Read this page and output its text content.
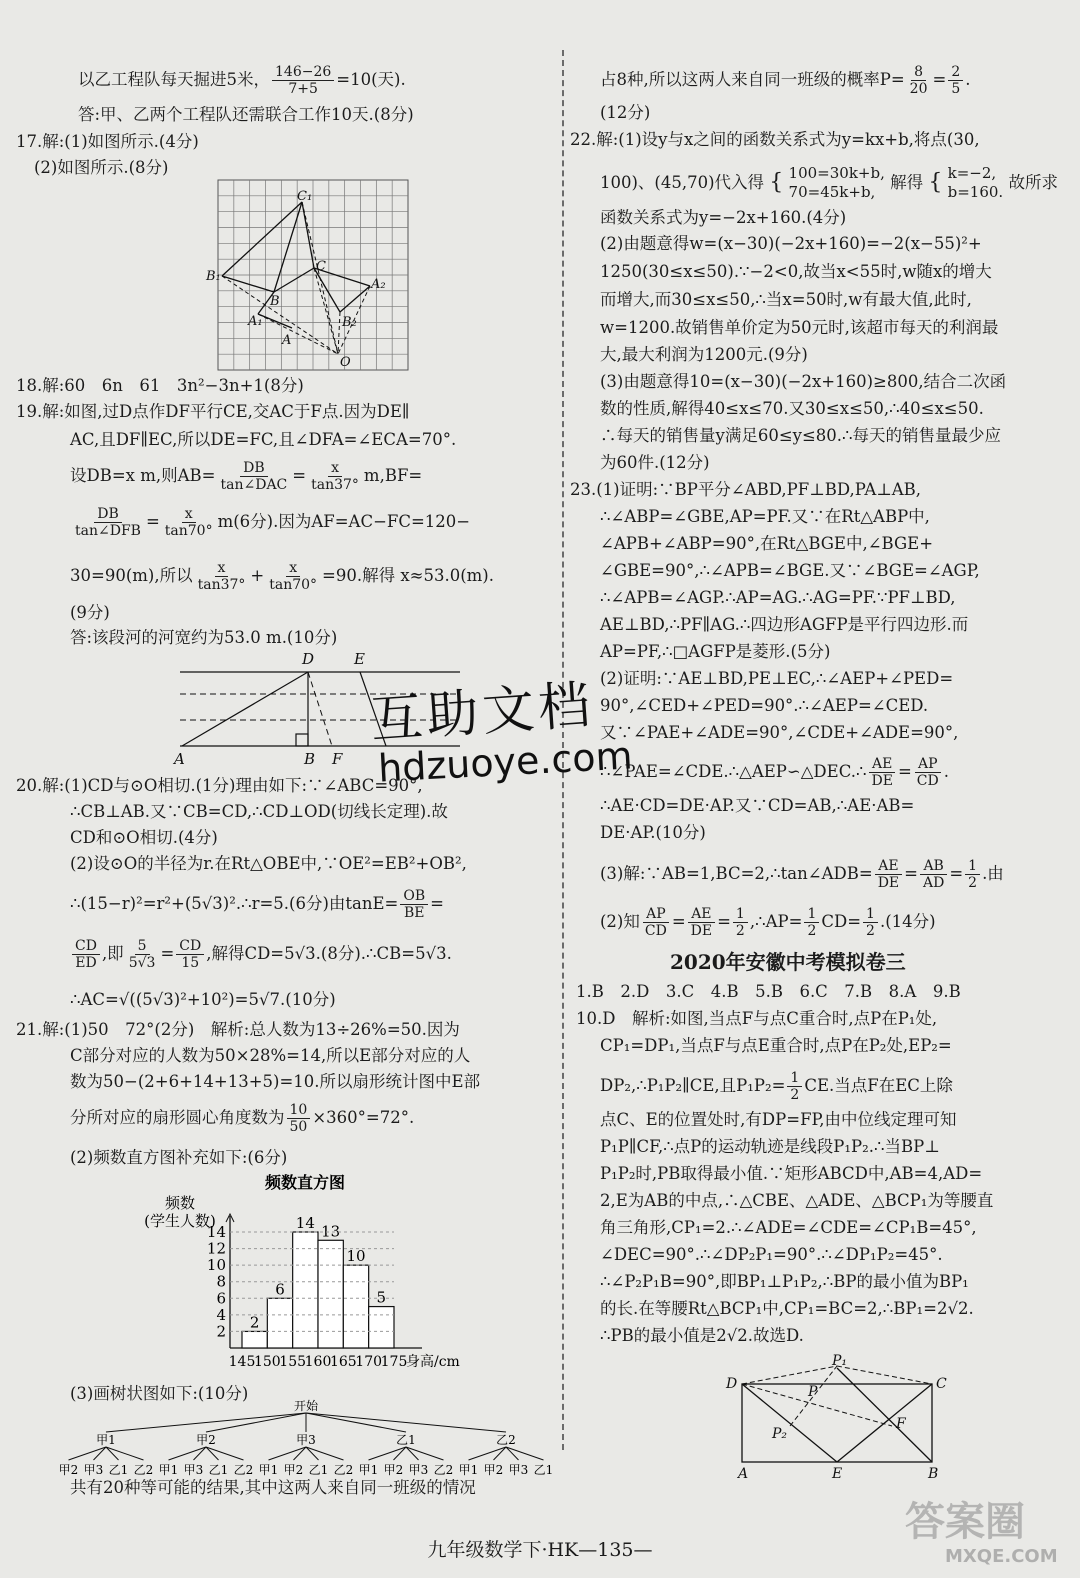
以乙工程队每天掘进5米， $\frac{146-26}{7+5} =10$(天).
答:甲、乙两个工程队还需联合工作10天.(8分)
17.解:(1)如图所示.(4分)
(2)如图所示.(8分)
C₁
B₁
C
A₂
B
A₁	B₂
A
O
18.解:60　6n　61　3n²−3n+1(8分)
19.解:如图,过D点作DF平行CE,交AC于F点.因为DE∥
AC,且DF∥EC,所以DE=FC,且∠DFA=∠ECA=70°.
设DB=x m,则$AB= \frac{DB}{\text{tan∠DAC}} = \frac{x}{\tan 37^\circ} m,BF=$
$\frac{DB}{\text{tan∠DFB}} = \frac{x}{\tan 70^\circ} m(6$分).因为AF=AC−FC=120−
30=90(m),所以 $\frac{x}{\tan 37^\circ} + \frac{x}{\tan 70^\circ} =90$.解得 x≈53.0(m).
(9分)
答:该段河的河宽约为53.0 m.(10分)
D	E
A	B F
20.解:(1)CD与⊙O相切.(1分)理由如下:∵∠ABC=90°,
∴CB⊥AB.又∵CB=CD,∴CD⊥OD(切线长定理).故
CD和⊙O相切.(4分)
(2)设⊙O的半径为r.在Rt△OBE中,∵OE²=EB²+OB²,
∴(15−r)²=r²+(5√3)².∴r=5.(6分)由$\tan E= \frac{OB}{BE}$ =
$\frac{CD}{ED}$ ,即 $\frac{5}{5√3} = \frac{CD}{15}$ ,解得CD=5√3.(8分).∴CB=5√3.
∴AC=√((5√3)²+10²)=5√7.(10分)
21.解:(1)50　72°(2分)　解析:总人数为13÷26%=50.因为
C部分对应的人数为50×28%=14,所以E部分对应的人
数为50−(2+6+14+13+5)=10.所以扇形统计图中E部
分所对应的扇形圆心角度数为 $\frac{10}{50} \times 360^\circ=72^\circ$.
(2)频数直方图补充如下:(6分)
频数直方图
频数
(学生人数)
2
6
14 13
10
5
2
4
6
8
10
12
14
145
150
155
160
165
170
175
身高/cm
(3)画树状图如下:(10分)
开始
甲1
甲2 甲3 乙1 乙2
甲2
甲1 甲3 乙1 乙2
甲3
甲1 甲2 乙1 乙2
乙1
甲1 甲2 甲3 乙2
乙2
甲1 甲2 甲3 乙1
共有20种等可能的结果,其中这两人来自同一班级的情况
占8种,所以这两人来自同一班级的概率$P= \frac{8}{20} = \frac{2}{5}$ .
(12分)
22.解:(1)设y与x之间的函数关系式为y=kx+b,将点(30,
100)、(45,70)代入得 { 100=30k+b,
70=45k+b, 解得 { k=−2,
b=160. 故所求
函数关系式为y=−2x+160.(4分)
(2)由题意得w=(x−30)(−2x+160)=−2(x−55)²+
1250(30≤x≤50).∵−2<0,故当x<55时,w随x的增大
而增大,而30≤x≤50,∴当x=50时,w有最大值,此时,
w=1200.故销售单价定为50元时,该超市每天的利润最
大,最大利润为1200元.(9分)
(3)由题意得10=(x−30)(−2x+160)≥800,结合二次函
数的性质,解得40≤x≤70.又30≤x≤50,∴40≤x≤50.
∴每天的销售量y满足60≤y≤80.∴每天的销售量最少应
为60件.(12分)
23.(1)证明:∵BP平分∠ABD,PF⊥BD,PA⊥AB,
∴∠ABP=∠GBE,AP=PF.又∵在Rt△ABP中,
∠APB+∠ABP=90°,在Rt△BGE中,∠BGE+
∠GBE=90°,∴∠APB=∠BGE.又∵∠BGE=∠AGP,
∴∠APB=∠AGP.∴AP=AG.∴AG=PF.∵PF⊥BD,
AE⊥BD,∴PF∥AG.∴四边形AGFP是平行四边形.而
AP=PF,∴□AGFP是菱形.(5分)
(2)证明:∵AE⊥BD,PE⊥EC,∴∠AEP+∠PED=
90°,∠CED+∠PED=90°.∴∠AEP=∠CED.
又∵∠PAE+∠ADE=90°,∠CDE+∠ADE=90°,
∴∠PAE=∠CDE.∴△AEP∽△DEC.∴ $\frac{AE}{DE} = \frac{AP}{CD}$ .
∴AE·CD=DE·AP.又∵CD=AB,∴AE·AB=
DE·AP.(10分)
(3)解:∵AB=1,BC=2,∴tan∠ADB= $\frac{AE}{DE} = \frac{AB}{AD} = \frac{1}{2}$ .由
(2)知 $\frac{AP}{CD} = \frac{AE}{DE} = \frac{1}{2}$ ,∴AP= $\frac{1}{2} CD= \frac{1}{2} .(14$分)
2020年安徽中考模拟卷三
1.B　2.D　3.C　4.B　5.B　6.C　7.B　8.A　9.B
10.D　解析:如图,当点F与点C重合时,点P在P₁处,
CP₁=DP₁,当点F与点E重合时,点P在P₂处,EP₂=
DP₂,∴P₁P₂∥CE,且$P_1P_2= \frac{1}{2}$ CE.当点F在EC上除
点C、E的位置处时,有DP=FP,由中位线定理可知
P₁P∥CF,∴点P的运动轨迹是线段P₁P₂.∴当BP⊥
P₁P₂时,PB取得最小值.∵矩形ABCD中,AB=4,AD=
2,E为AB的中点,∴△CBE、△ADE、△BCP₁为等腰直
角三角形,CP₁=2.∴∠ADE=∠CDE=∠CP₁B=45°,
∠DEC=90°.∴∠DP₂P₁=90°.∴∠DP₁P₂=45°.
∴∠P₂P₁B=90°,即BP₁⊥P₁P₂,∴BP的最小值为BP₁
的长.在等腰Rt△BCP₁中,CP₁=BC=2,∴BP₁=2√2.
∴PB的最小值是2√2.故选D.
D	C
P₁
P
F
P₂
A	E	B
九年级数学下·HK—135—
互助文档
hdzuoye.com
答案圈
MXQE.COM
